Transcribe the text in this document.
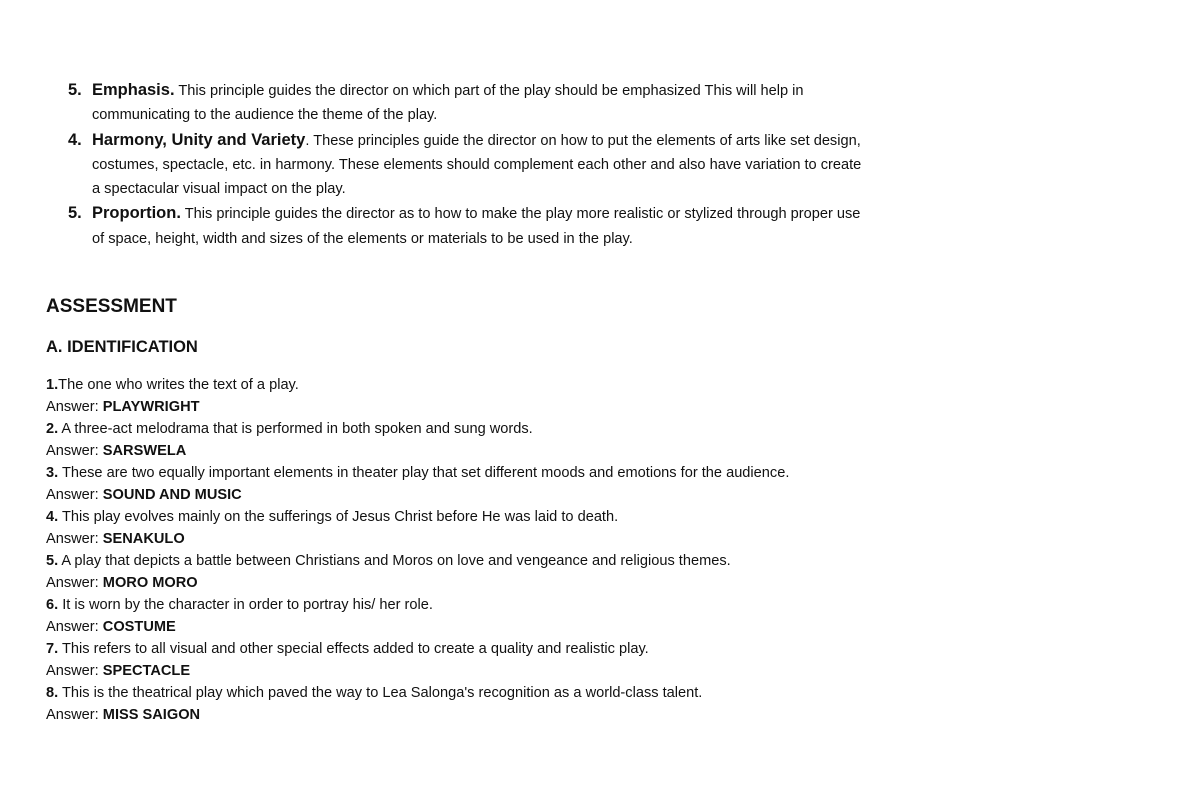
5. Emphasis. This principle guides the director on which part of the play should be emphasized This will help in
communicating to the audience the theme of the play.
4. Harmony, Unity and Variety. These principles guide the director on how to put the elements of arts like set design,
costumes, spectacle, etc. in harmony. These elements should complement each other and also have variation to create
a spectacular visual impact on the play.
5. Proportion. This principle guides the director as to how to make the play more realistic or stylized through proper use
of space, height, width and sizes of the elements or materials to be used in the play.
ASSESSMENT
A. IDENTIFICATION
1.The one who writes the text of a play.
Answer: PLAYWRIGHT
2. A three-act melodrama that is performed in both spoken and sung words.
Answer: SARSWELA
3. These are two equally important elements in theater play that set different moods and emotions for the audience.
Answer: SOUND AND MUSIC
4. This play evolves mainly on the sufferings of Jesus Christ before He was laid to death.
Answer: SENAKULO
5. A play that depicts a battle between Christians and Moros on love and vengeance and religious themes.
Answer: MORO MORO
6. It is worn by the character in order to portray his/ her role.
Answer: COSTUME
7. This refers to all visual and other special effects added to create a quality and realistic play.
Answer: SPECTACLE
8. This is the theatrical play which paved the way to Lea Salonga's recognition as a world-class talent.
Answer: MISS SAIGON
